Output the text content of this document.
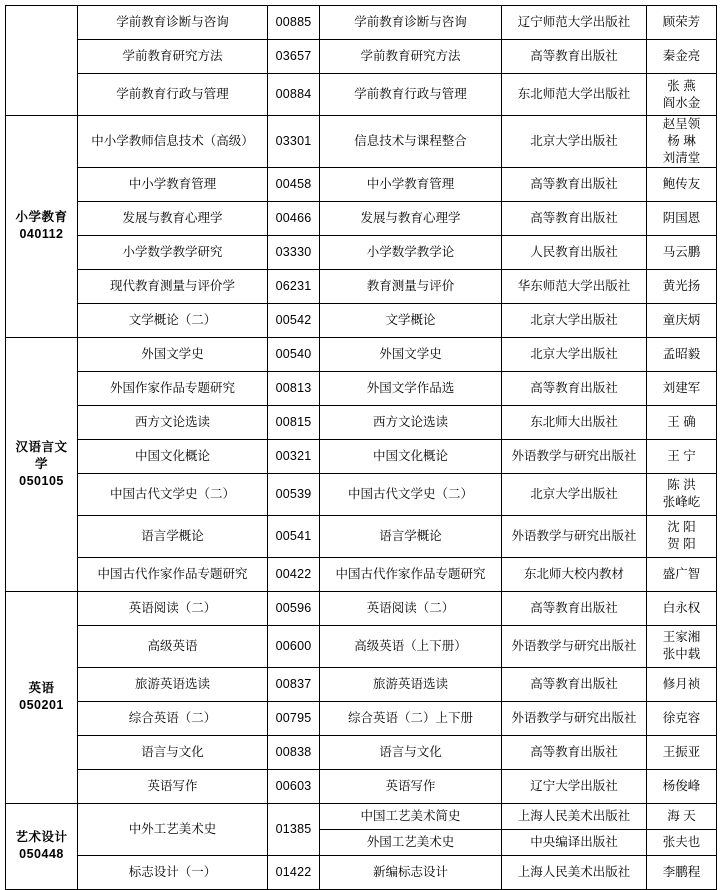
	学前教育诊断与咨询	00885	学前教育诊断与咨询	辽宁师范大学出版社	顾荣芳

	学前教育研究方法	03657	学前教育研究方法	高等教育出版社	秦金亮

	学前教育行政与管理	00884	学前教育行政与管理	东北师范大学出版社	张 燕
阎水金

小学教育
040112	中小学教师信息技术（高级）	03301	信息技术与课程整合	北京大学出版社	赵呈领
杨 琳
刘清堂

	中小学教育管理	00458	中小学教育管理	高等教育出版社	鲍传友

	发展与教育心理学	00466	发展与教育心理学	高等教育出版社	阴国恩

	小学数学教学研究	03330	小学数学教学论	人民教育出版社	马云鹏

	现代教育测量与评价学	06231	教育测量与评价	华东师范大学出版社	黄光扬

	文学概论（二）	00542	文学概论	北京大学出版社	童庆炳

汉语言文
学
050105	外国文学史	00540	外国文学史	北京大学出版社	孟昭毅

	外国作家作品专题研究	00813	外国文学作品选	高等教育出版社	刘建军

	西方文论选读	00815	西方文论选读	东北师大出版社	王 确

	中国文化概论	00321	中国文化概论	外语教学与研究出版社	王 宁

	中国古代文学史（二）	00539	中国古代文学史（二）	北京大学出版社	陈 洪
张峰屹

	语言学概论	00541	语言学概论	外语教学与研究出版社	沈 阳
贺 阳

	中国古代作家作品专题研究	00422	中国古代作家作品专题研究	东北师大校内教材	盛广智

英语
050201	英语阅读（二）	00596	英语阅读（二）	高等教育出版社	白永权

	高级英语	00600	高级英语（上下册）	外语教学与研究出版社	王家湘
张中载

	旅游英语选读	00837	旅游英语选读	高等教育出版社	修月祯

	综合英语（二）	00795	综合英语（二）上下册	外语教学与研究出版社	徐克容

	语言与文化	00838	语言与文化	高等教育出版社	王振亚

	英语写作	00603	英语写作	辽宁大学出版社	杨俊峰

艺术设计
050448	中外工艺美术史	01385	中国工艺美术简史	上海人民美术出版社	海 天

			外国工艺美术史	中央编译出版社	张夫也

	标志设计（一）	01422	新编标志设计	上海人民美术出版社	李鹏程
